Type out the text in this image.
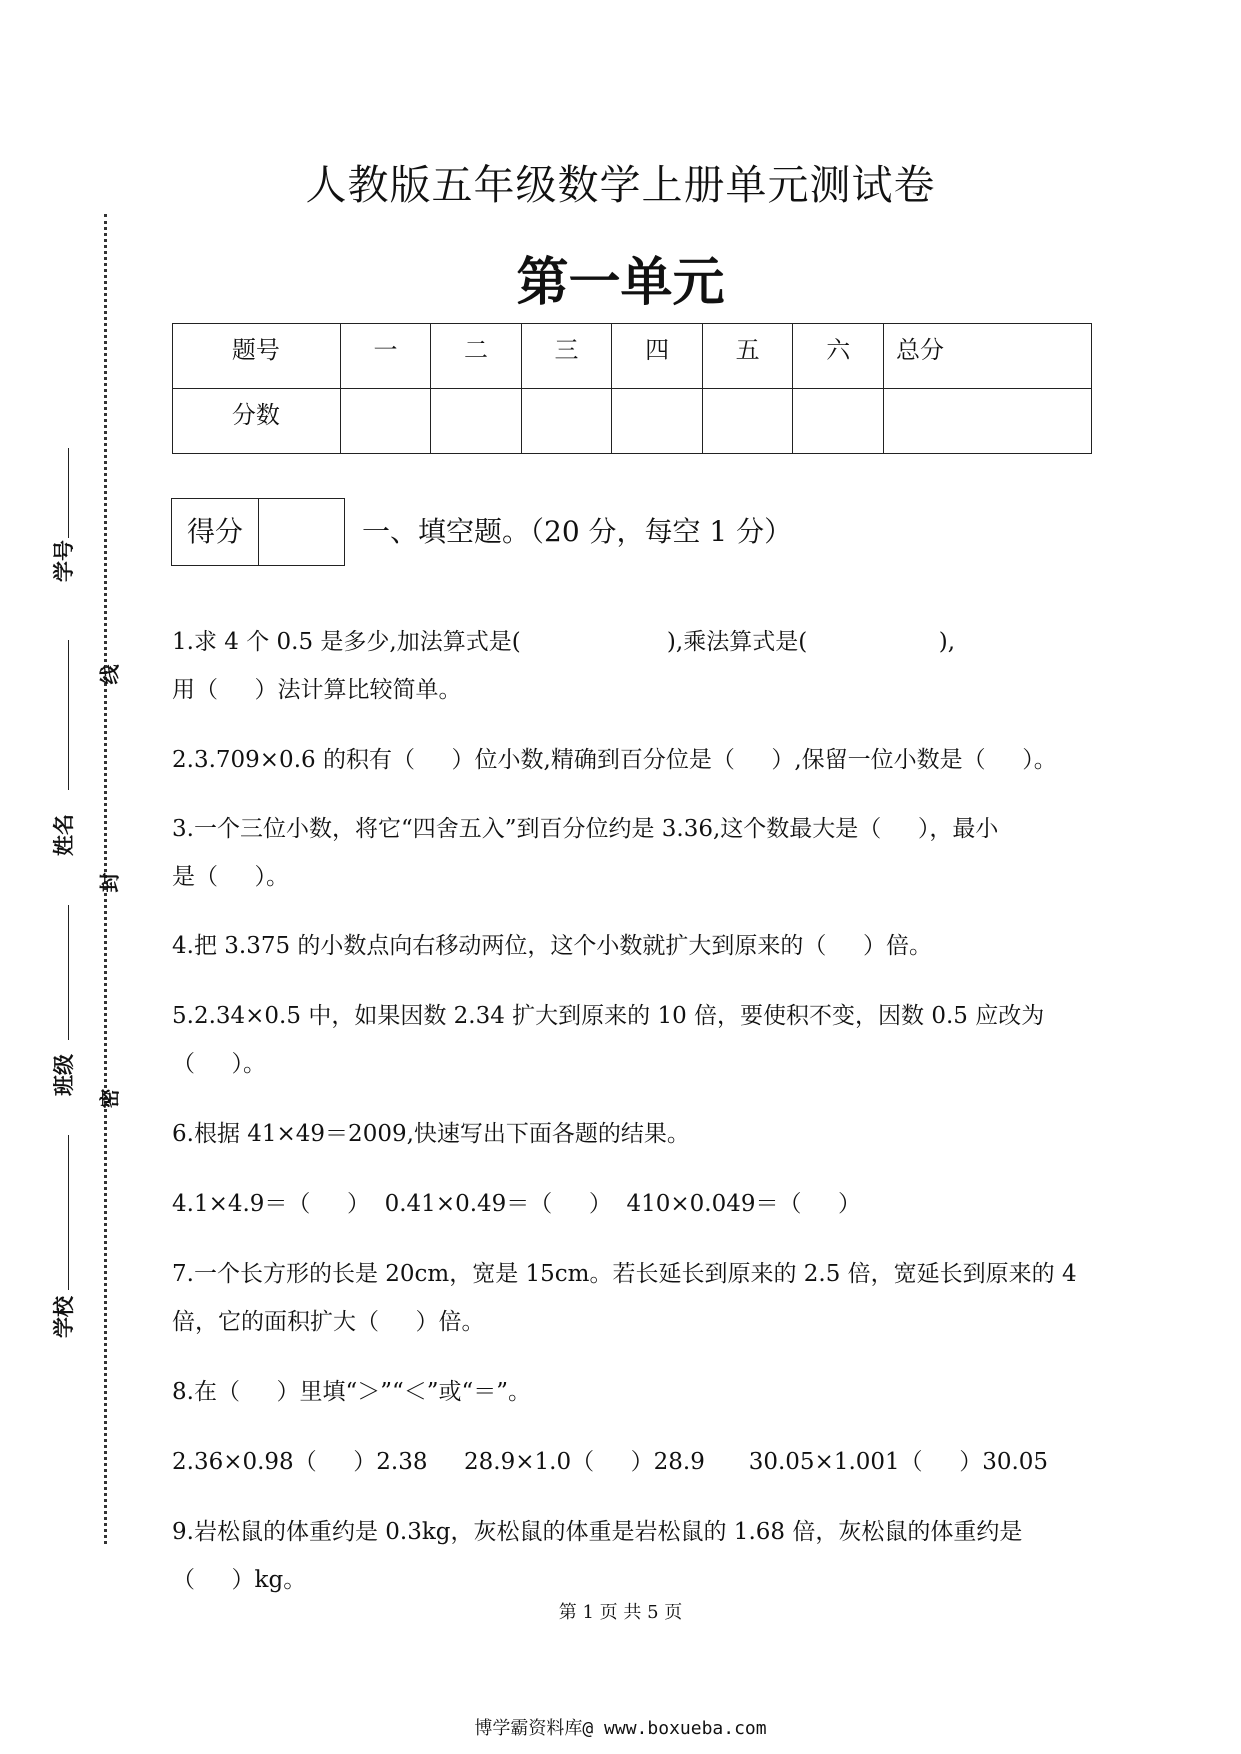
学号
线
姓名
封
班级
密
学校
人教版五年级数学上册单元测试卷
第一单元
题号	一	二	三	四	五	六	总分
分数							
得分	一、填空题。（20 分，每空 1 分）
1.求 4 个 0.5 是多少,加法算式是(                    ),乘法算式是(                  ),
用（     ）法计算比较简单。
2.3.709×0.6 的积有（     ）位小数,精确到百分位是（     ）,保留一位小数是（     ）。
3.一个三位小数，将它“四舍五入”到百分位约是 3.36,这个数最大是（     ），最小
是（     ）。
4.把 3.375 的小数点向右移动两位，这个小数就扩大到原来的（     ）倍。
5.2.34×0.5 中，如果因数 2.34 扩大到原来的 10 倍，要使积不变，因数 0.5 应改为
（     ）。
6.根据 41×49＝2009,快速写出下面各题的结果。
4.1×4.9＝（     ）  0.41×0.49＝（     ）  410×0.049＝（     ）
7.一个长方形的长是 20cm，宽是 15cm。若长延长到原来的 2.5 倍，宽延长到原来的 4
倍，它的面积扩大（     ）倍。
8.在（     ）里填“＞”“＜”或“＝”。
2.36×0.98（     ）2.38     28.9×1.0（     ）28.9      30.05×1.001（     ）30.05
9.岩松鼠的体重约是 0.3kg，灰松鼠的体重是岩松鼠的 1.68 倍，灰松鼠的体重约是
（     ）kg。
第 1 页 共 5 页
博学霸资料库@ www.boxueba.com
